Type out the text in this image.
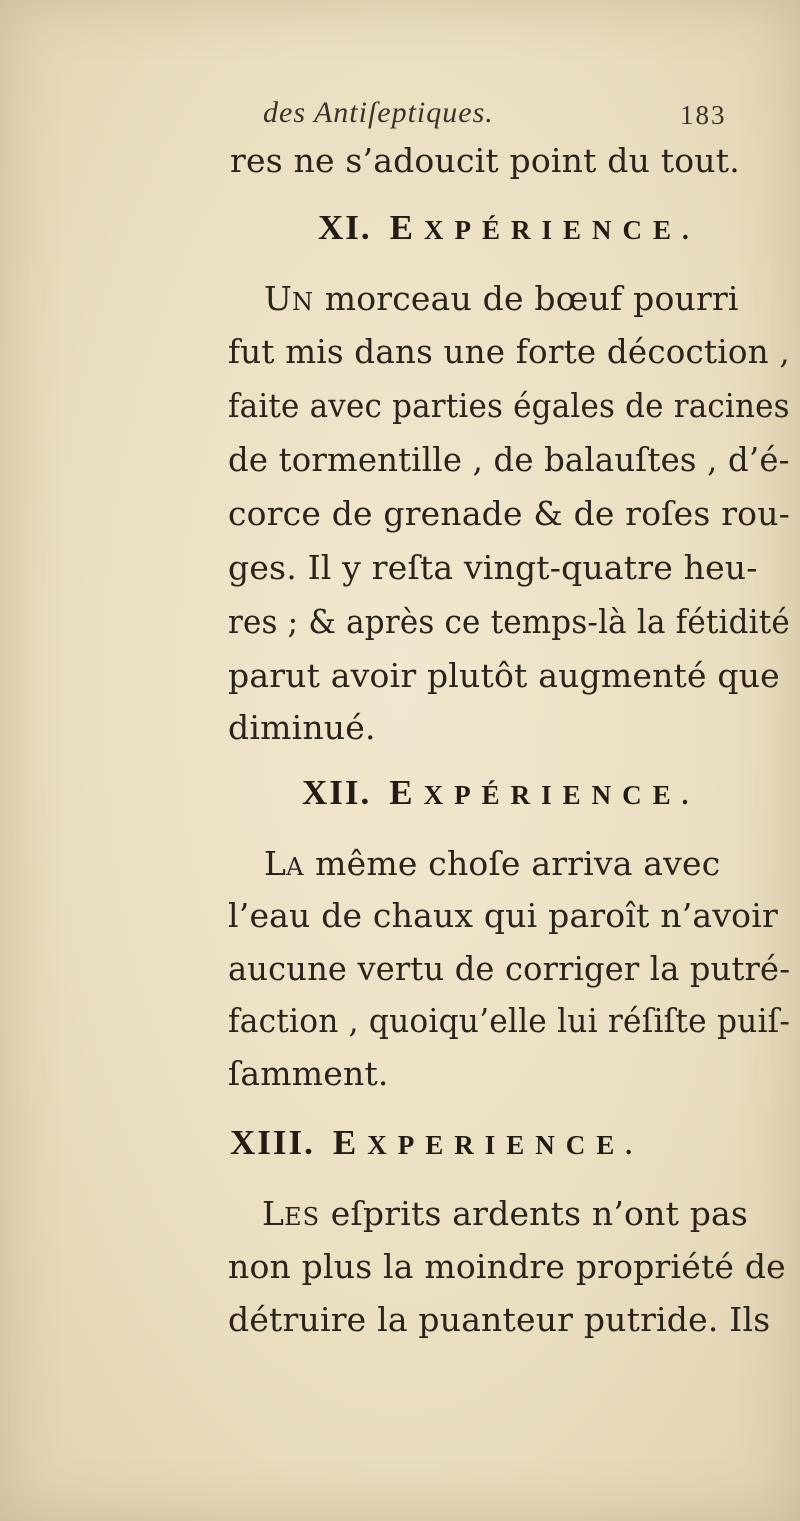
des Antiſeptiques.	183
res ne s’adoucit point du tout.
XI. EXPÉRIENCE.
UN morceau de bœuf pourri
fut mis dans une forte décoction ,
faite avec parties égales de racines
de tormentille , de balauſtes , d’é-
corce de grenade & de roſes rou-
ges. Il y reſta vingt-quatre heu-
res ; & après ce temps-là la fétidité
parut avoir plutôt augmenté que
diminué.
XII. EXPÉRIENCE.
LA même choſe arriva avec
l’eau de chaux qui paroît n’avoir
aucune vertu de corriger la putré-
faction , quoiqu’elle lui réſiſte puiſ-
ſamment.
XIII. EXPERIENCE.
LES eſprits ardents n’ont pas
non plus la moindre propriété de
détruire la puanteur putride. Ils
